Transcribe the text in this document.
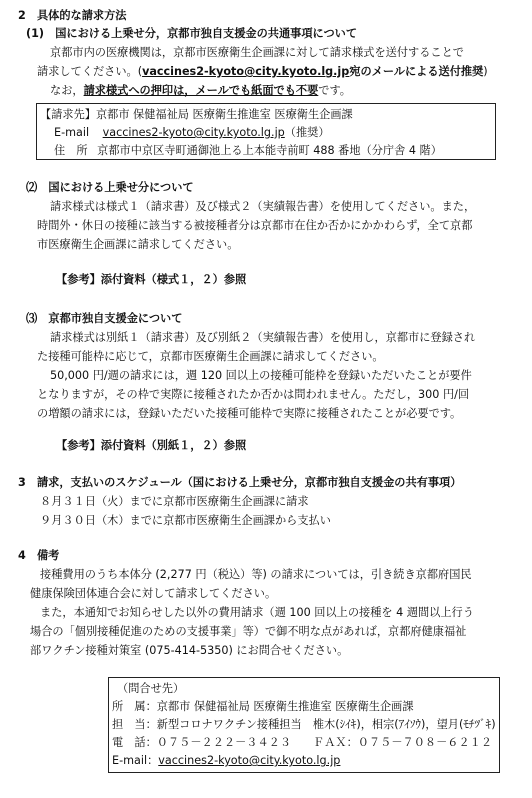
2　具体的な請求方法
(1)　国における上乗せ分，京都市独自支援金の共通事項について
京都市内の医療機関は，京都市医療衛生企画課に対して請求様式を送付することで
請求してください。(vaccines2-kyoto@city.kyoto.lg.jp宛のメールによる送付推奨)
なお，請求様式への押印は，メールでも紙面でも不要です。
【請求先】京都市 保健福祉局 医療衛生推進室 医療衛生企画課
E-mail vaccines2-kyoto@city.kyoto.lg.jp（推奨）
住　所 京都市中京区寺町通御池上る上本能寺前町 488 番地（分庁舎 4 階）
⑵　国における上乗せ分について
請求様式は様式１（請求書）及び様式２（実績報告書）を使用してください。また，
時間外・休日の接種に該当する被接種者分は京都市在住か否かにかかわらず，全て京都
市医療衛生企画課に請求してください。
【参考】添付資料（様式１，２）参照
⑶　京都市独自支援金について
請求様式は別紙１（請求書）及び別紙２（実績報告書）を使用し，京都市に登録され
た接種可能枠に応じて，京都市医療衛生企画課に請求してください。
50,000 円/週の請求には，週 120 回以上の接種可能枠を登録いただいたことが要件
となりますが，その枠で実際に接種されたか否かは問われません。ただし，300 円/回
の増額の請求には，登録いただいた接種可能枠で実際に接種されたことが必要です。
【参考】添付資料（別紙１，２）参照
3　請求，支払いのスケジュール（国における上乗せ分，京都市独自支援金の共有事項）
８月３１日（火）までに京都市医療衛生企画課に請求
９月３０日（木）までに京都市医療衛生企画課から支払い
4　備考
接種費用のうち本体分 (2,277 円（税込）等) の請求については，引き続き京都府国民
健康保険団体連合会に対して請求してください。
また，本通知でお知らせした以外の費用請求（週 100 回以上の接種を 4 週間以上行う
場合の「個別接種促進のための支援事業」等）で御不明な点があれば，京都府健康福祉
部ワクチン接種対策室 (075-414-5350) にお問合せください。
（問合せ先）
所　属：京都市 保健福祉局 医療衛生推進室 医療衛生企画課
担　当：新型コロナワクチン接種担当　椎木(ｼｲｷ)，相宗(ｱｲｿｳ)，望月(ﾓﾁﾂﾞｷ)
電　話：０７５－２２２－３４２３ ＦＡＸ：０７５－７０８－６２１２
E-mail：vaccines2-kyoto@city.kyoto.lg.jp
